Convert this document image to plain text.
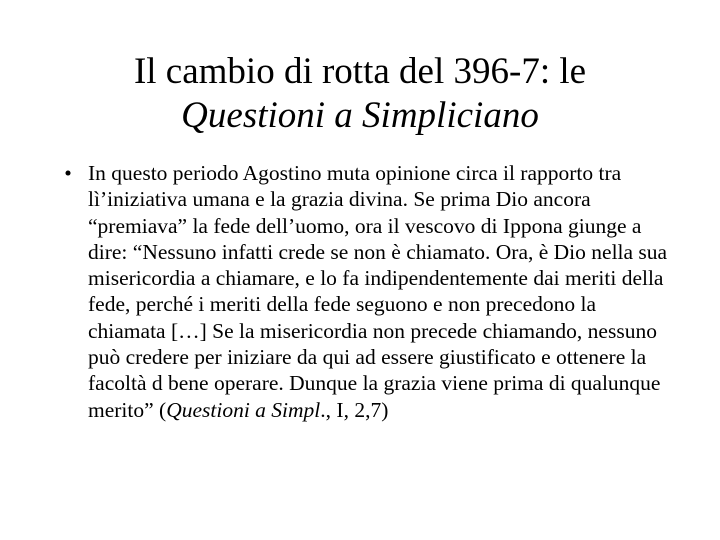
Il cambio di rotta del 396-7: le
Questioni a Simpliciano
• In questo periodo Agostino muta opinione circa il rapporto tra lì’iniziativa umana e la grazia divina. Se prima Dio ancora “premiava” la fede dell’uomo, ora il vescovo di Ippona giunge a dire: “Nessuno infatti crede se non è chiamato. Ora, è Dio nella sua misericordia a chiamare, e lo fa indipendentemente dai meriti della fede, perché i meriti della fede seguono e non precedono la chiamata […] Se la misericordia non precede chiamando, nessuno può credere per iniziare da qui ad essere giustificato e ottenere la facoltà d bene operare. Dunque la grazia viene prima di qualunque merito” (Questioni a Simpl., I, 2,7)
